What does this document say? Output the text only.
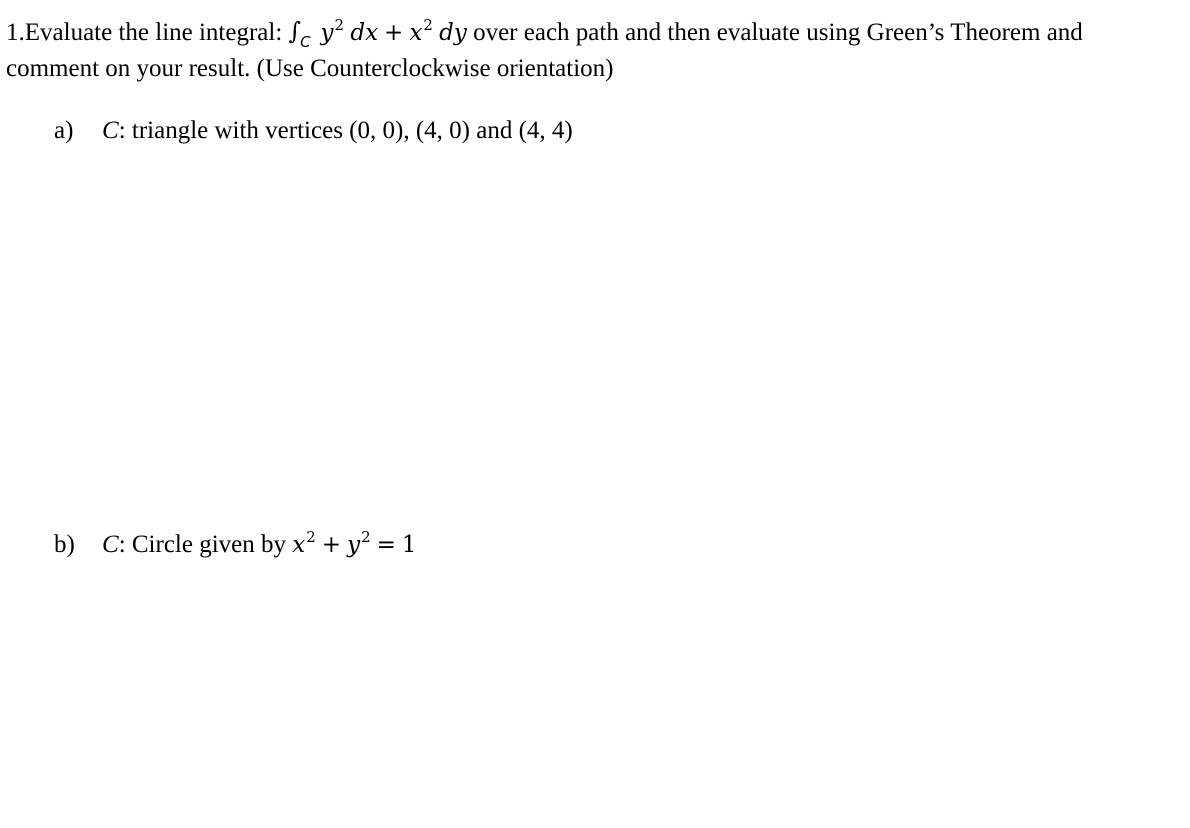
1.Evaluate the line integral: $\int_C$ $y^2$ dx + $x^2$ dy over each path and then evaluate using Green’s Theorem and
comment on your result. (Use Counterclockwise orientation)
a) C: triangle with vertices (0, 0), (4, 0) and (4, 4)
b) C: Circle given by $x^2 + y^2 = 1$
